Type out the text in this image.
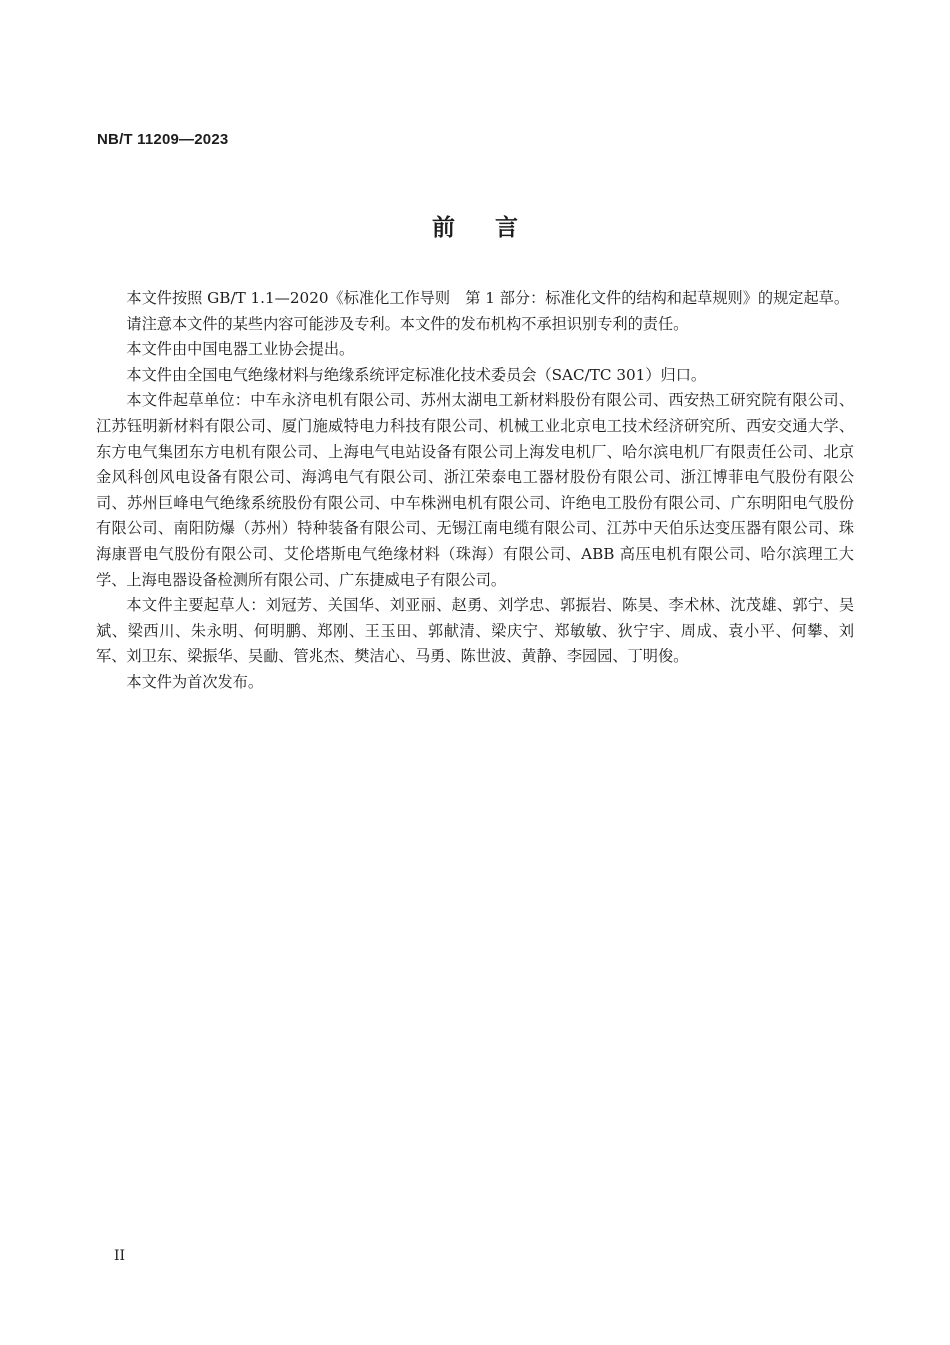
NB/T 11209—2023
前言

本文件按照 GB/T 1.1—2020《标准化工作导则　第 1 部分：标准化文件的结构和起草规则》的规定起草。

请注意本文件的某些内容可能涉及专利。本文件的发布机构不承担识别专利的责任。

本文件由中国电器工业协会提出。

本文件由全国电气绝缘材料与绝缘系统评定标准化技术委员会（SAC/TC 301）归口。

本文件起草单位：中车永济电机有限公司、苏州太湖电工新材料股份有限公司、西安热工研究院有限公司、江苏钰明新材料有限公司、厦门施威特电力科技有限公司、机械工业北京电工技术经济研究所、西安交通大学、东方电气集团东方电机有限公司、上海电气电站设备有限公司上海发电机厂、哈尔滨电机厂有限责任公司、北京金风科创风电设备有限公司、海鸿电气有限公司、浙江荣泰电工器材股份有限公司、浙江博菲电气股份有限公司、苏州巨峰电气绝缘系统股份有限公司、中车株洲电机有限公司、许绝电工股份有限公司、广东明阳电气股份有限公司、南阳防爆（苏州）特种装备有限公司、无锡江南电缆有限公司、江苏中天伯乐达变压器有限公司、珠海康晋电气股份有限公司、艾伦塔斯电气绝缘材料（珠海）有限公司、ABB 高压电机有限公司、哈尔滨理工大学、上海电器设备检测所有限公司、广东捷威电子有限公司。

本文件主要起草人：刘冠芳、关国华、刘亚丽、赵勇、刘学忠、郭振岩、陈昊、李术林、沈茂雄、郭宁、吴斌、梁西川、朱永明、何明鹏、郑刚、王玉田、郭献清、梁庆宁、郑敏敏、狄宁宇、周成、袁小平、何攀、刘军、刘卫东、梁振华、吴勔、管兆杰、樊洁心、马勇、陈世波、黄静、李园园、丁明俊。

本文件为首次发布。

II
